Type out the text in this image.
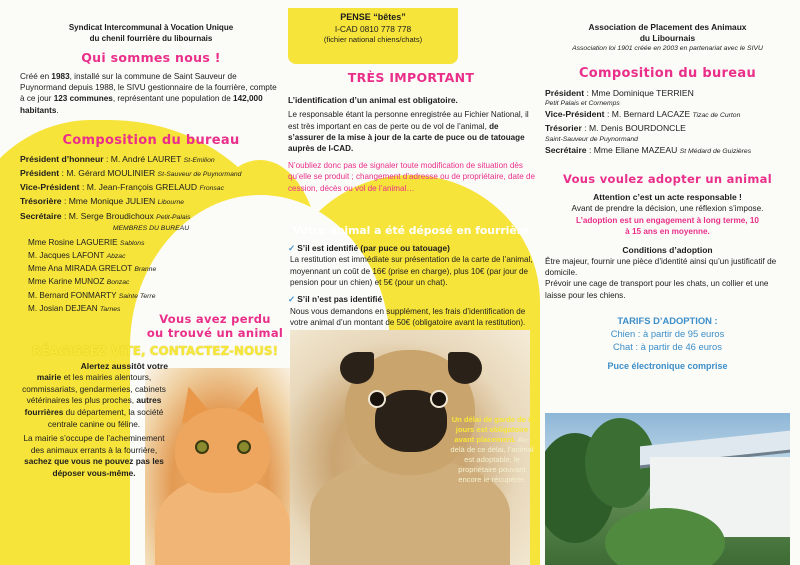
Syndicat Intercommunal à Vocation Unique
du chenil fourrière du libournais
Qui sommes nous !
Créé en 1983, installé sur la commune de Saint Sauveur de Puynormand depuis 1988, le SIVU gestionnaire de la fourrière, compte à ce jour 123 communes, représentant une population de 142,000 habitants.
Composition du bureau
Président d’honneur : M. André LAURET St-Emilion
Président : M. Gérard MOULINIER St-Sauveur de Puynormand
Vice-Président : M. Jean-François GRELAUD Fronsac
Trésorière : Mme Monique JULIEN Libourne
Secrétaire : M. Serge Broudichoux Petit-Palais
MEMBRES DU BUREAU
Mme Rosine LAGUERIE Sablons
M. Jacques LAFONT Abzac
Mme Ana MIRADA GRELOT Branne
Mme Karine MUNOZ Bonzac
M. Bernard FONMARTY Sainte Terre
M. Josian DEJEAN Tarnes
Vous avez perdu
ou trouvé un animal
RÉAGISSEZ VITE, CONTACTEZ-NOUS!
Alertez aussitôt votre
mairie et les mairies alentours, commissariats, gendarmeries, cabinets vétérinaires les plus proches, autres fourrières du département, la société centrale canine ou féline.
La mairie s’occupe de l’acheminement des animaux errants à la fourrière, sachez que vous ne pouvez pas les déposer vous-même.
PENSE “bêtes”
I-CAD 0810 778 778
(fichier national chiens/chats)
TRÈS IMPORTANT
L’identification d’un animal est obligatoire.
Le responsable étant la personne enregistrée au Fichier National, il est très important en cas de perte ou de vol de l’animal, de s’assurer de la mise à jour de la carte de puce ou de tatouage auprès de I-CAD.
N’oubliez donc pas de signaler toute modification de situation dès qu’elle se produit ; changement d’adresse ou de propriétaire, date de cession, décès ou vol de l’animal…
Votre animal a été déposé en fourrière
✓ S’il est identifié (par puce ou tatouage)
La restitution est immédiate sur présentation de la carte de l’animal, moyennant un coût de 16€ (prise en charge), plus 10€ (par jour de pension pour un chien) et 5€ (pour un chat).
✓ S’il n’est pas identifié
Nous vous demandons en supplément, les frais d’identification de votre animal d’un montant de 50€ (obligatoire avant la restitution).
Un délai de garde de 8 jours est obligatoire avant placement. Au-delà de ce délai, l’animal est adoptable, le propriétaire pouvant encore le récupérer.
Association de Placement des Animaux
du Libournais
Association loi 1901 créée en 2003 en partenariat avec le SIVU
Composition du bureau
Président : Mme Dominique TERRIEN
Petit Palais et Cornemps
Vice-Président : M. Bernard LACAZE Tizac de Curton
Trésorier : M. Denis BOURDONCLE
Saint-Sauveur de Puynormand
Secrétaire : Mme Eliane MAZEAU St Médard de Guizières
Vous voulez adopter un animal
Attention c’est un acte responsable !
Avant de prendre la décision, une réflexion s’impose.
L’adoption est un engagement à long terme, 10 à 15 ans en moyenne.
Conditions d’adoption
Être majeur, fournir une pièce d’identité ainsi qu’un justificatif de domicile.
Prévoir une cage de transport pour les chats, un collier et une laisse pour les chiens.
TARIFS D’ADOPTION :
Chien : à partir de 95 euros
Chat : à partir de 46 euros
Puce électronique comprise
